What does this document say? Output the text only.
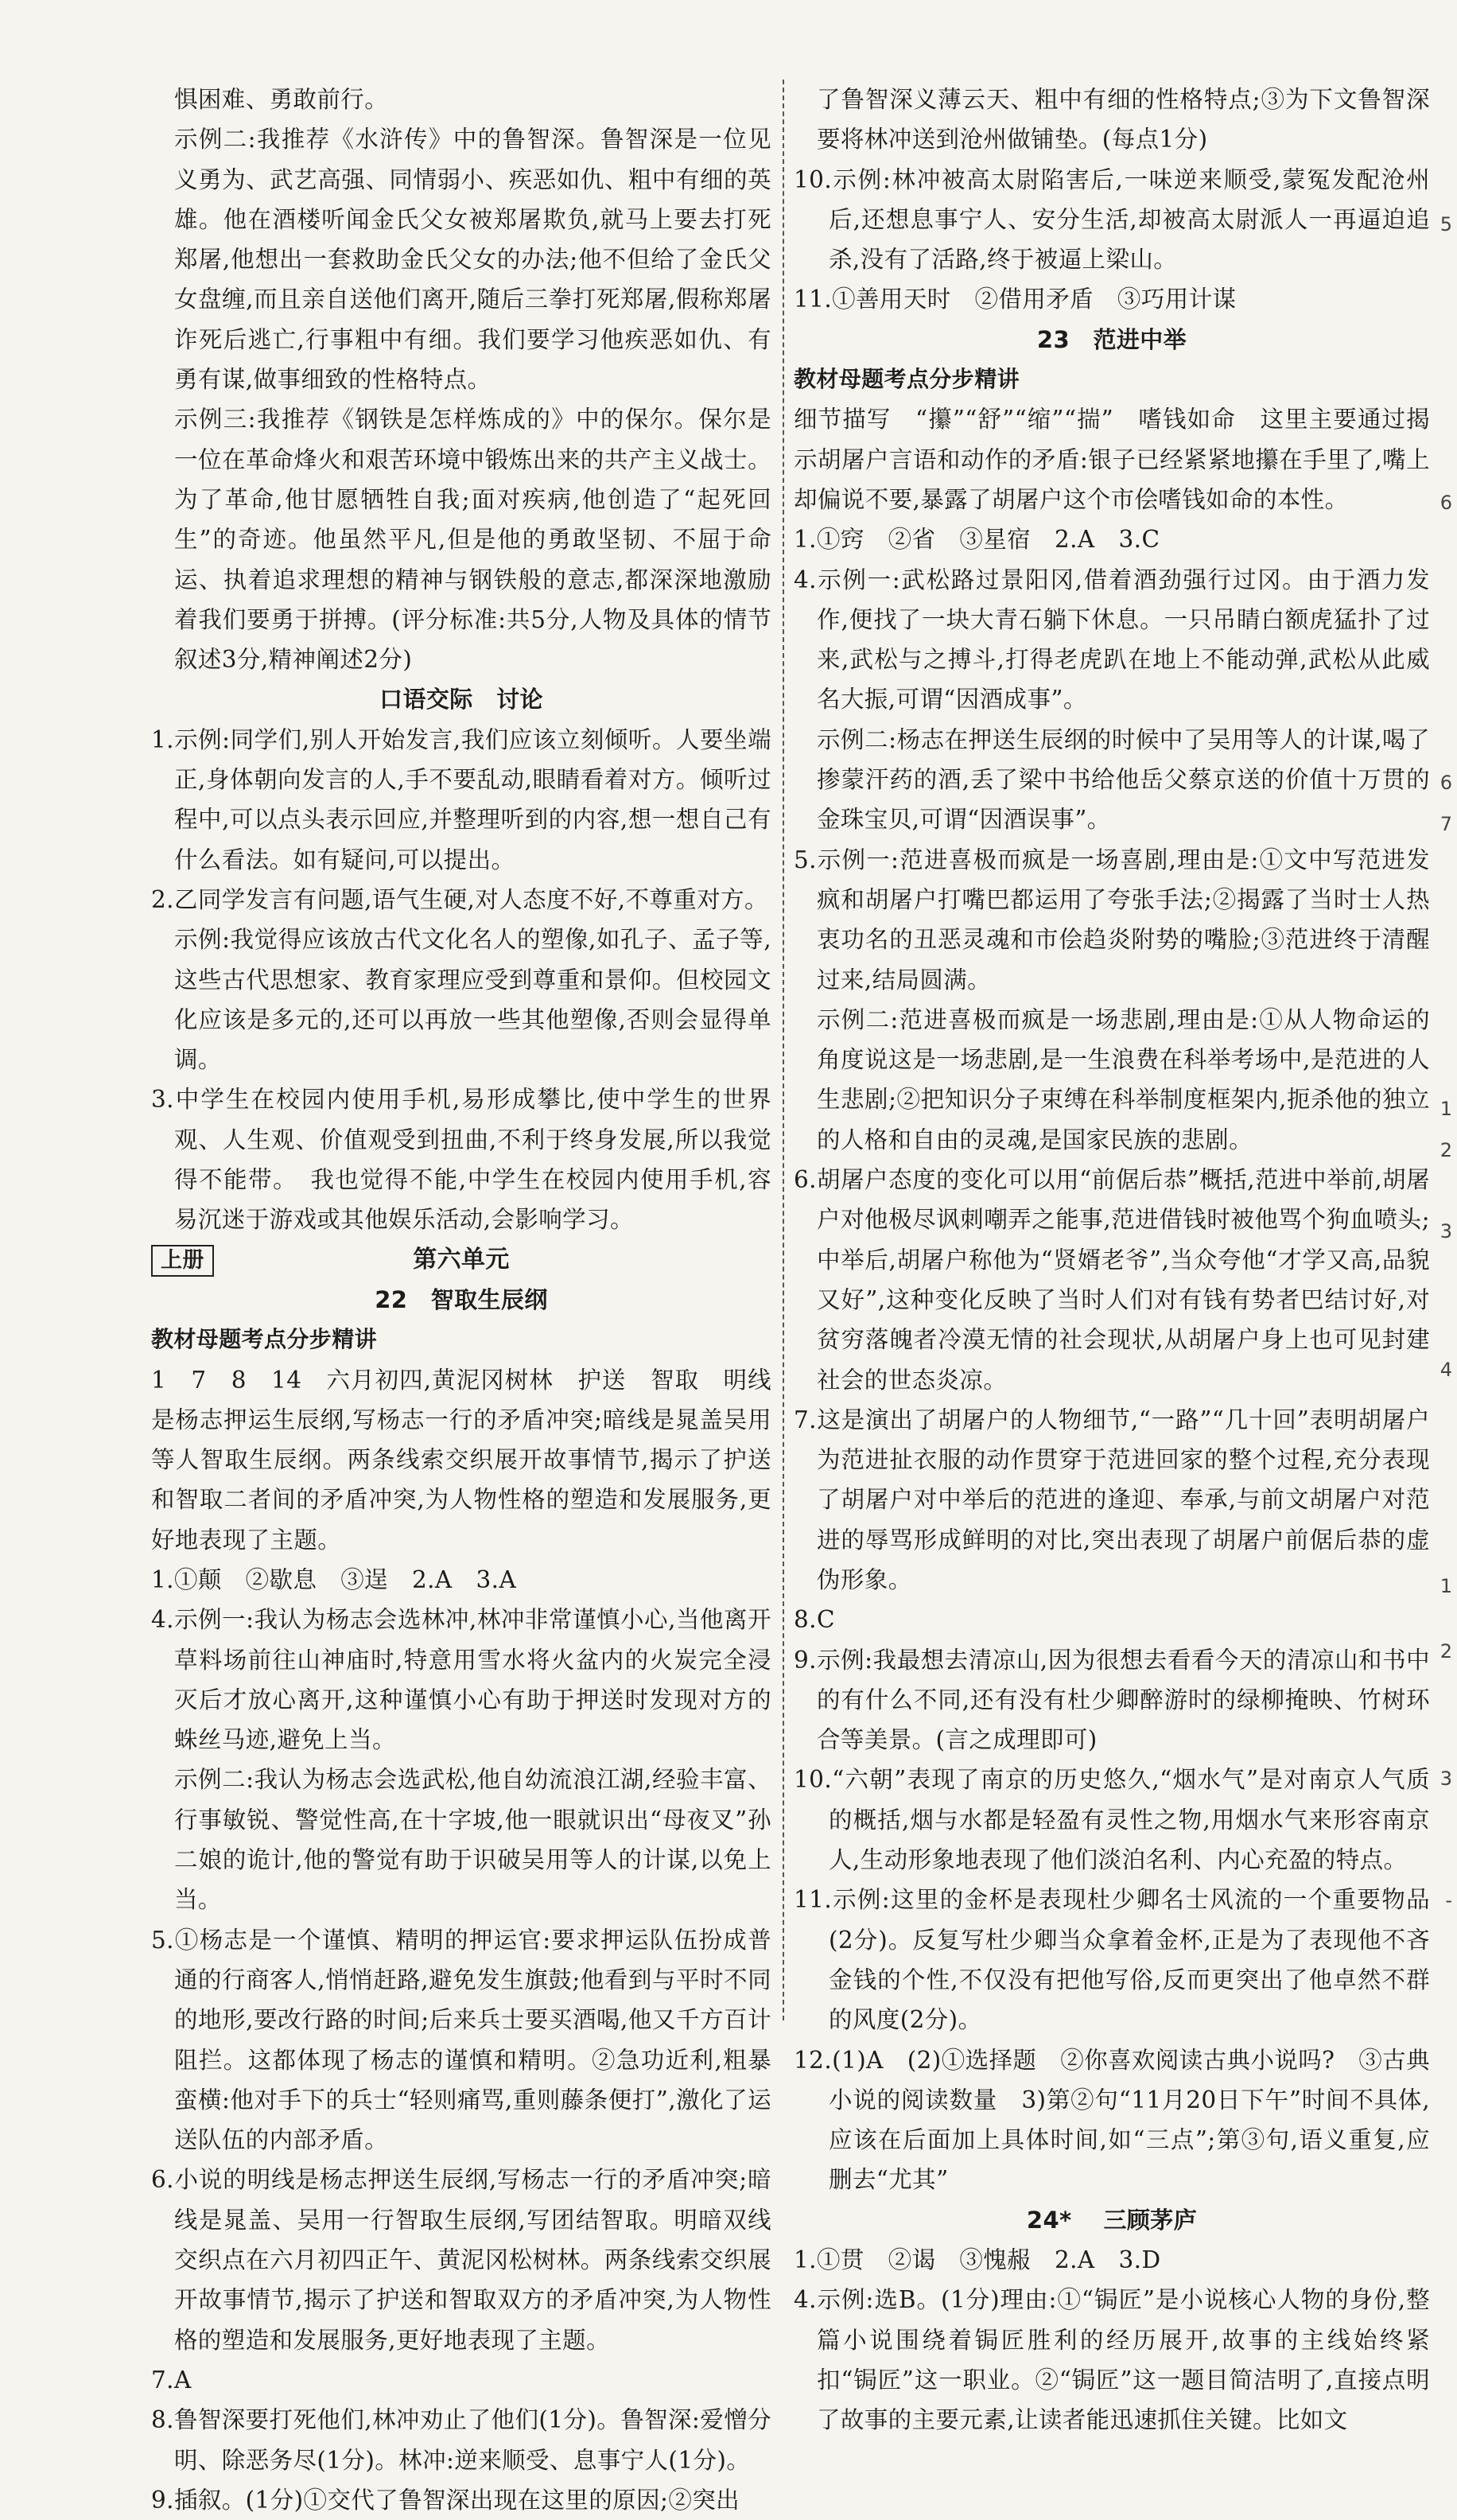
惧困难、勇敢前行。
示例二:我推荐《水浒传》中的鲁智深。鲁智深是一位见义勇为、武艺高强、同情弱小、疾恶如仇、粗中有细的英雄。他在酒楼听闻金氏父女被郑屠欺负,就马上要去打死郑屠,他想出一套救助金氏父女的办法;他不但给了金氏父女盘缠,而且亲自送他们离开,随后三拳打死郑屠,假称郑屠诈死后逃亡,行事粗中有细。我们要学习他疾恶如仇、有勇有谋,做事细致的性格特点。
示例三:我推荐《钢铁是怎样炼成的》中的保尔。保尔是一位在革命烽火和艰苦环境中锻炼出来的共产主义战士。为了革命,他甘愿牺牲自我;面对疾病,他创造了“起死回生”的奇迹。他虽然平凡,但是他的勇敢坚韧、不屈于命运、执着追求理想的精神与钢铁般的意志,都深深地激励着我们要勇于拼搏。(评分标准:共5分,人物及具体的情节叙述3分,精神阐述2分)
口语交际　讨论
1.示例:同学们,别人开始发言,我们应该立刻倾听。人要坐端正,身体朝向发言的人,手不要乱动,眼睛看着对方。倾听过程中,可以点头表示回应,并整理听到的内容,想一想自己有什么看法。如有疑问,可以提出。
2.乙同学发言有问题,语气生硬,对人态度不好,不尊重对方。
示例:我觉得应该放古代文化名人的塑像,如孔子、孟子等,这些古代思想家、教育家理应受到尊重和景仰。但校园文化应该是多元的,还可以再放一些其他塑像,否则会显得单调。
3.中学生在校园内使用手机,易形成攀比,使中学生的世界观、人生观、价值观受到扭曲,不利于终身发展,所以我觉得不能带。　我也觉得不能,中学生在校园内使用手机,容易沉迷于游戏或其他娱乐活动,会影响学习。
上册	第六单元
22　智取生辰纲
教材母题考点分步精讲
1　7　8　14　六月初四,黄泥冈树林　护送　智取　明线是杨志押运生辰纲,写杨志一行的矛盾冲突;暗线是晁盖吴用等人智取生辰纲。两条线索交织展开故事情节,揭示了护送和智取二者间的矛盾冲突,为人物性格的塑造和发展服务,更好地表现了主题。
1.①颠　②歇息　③逞　2.A　3.A
4.示例一:我认为杨志会选林冲,林冲非常谨慎小心,当他离开草料场前往山神庙时,特意用雪水将火盆内的火炭完全浸灭后才放心离开,这种谨慎小心有助于押送时发现对方的蛛丝马迹,避免上当。
示例二:我认为杨志会选武松,他自幼流浪江湖,经验丰富、行事敏锐、警觉性高,在十字坡,他一眼就识出“母夜叉”孙二娘的诡计,他的警觉有助于识破吴用等人的计谋,以免上当。
5.①杨志是一个谨慎、精明的押运官:要求押运队伍扮成普通的行商客人,悄悄赶路,避免发生旗鼓;他看到与平时不同的地形,要改行路的时间;后来兵士要买酒喝,他又千方百计阻拦。这都体现了杨志的谨慎和精明。②急功近利,粗暴蛮横:他对手下的兵士“轻则痛骂,重则藤条便打”,激化了运送队伍的内部矛盾。
6.小说的明线是杨志押送生辰纲,写杨志一行的矛盾冲突;暗线是晁盖、吴用一行智取生辰纲,写团结智取。明暗双线交织点在六月初四正午、黄泥冈松树林。两条线索交织展开故事情节,揭示了护送和智取双方的矛盾冲突,为人物性格的塑造和发展服务,更好地表现了主题。
7.A
8.鲁智深要打死他们,林冲劝止了他们(1分)。鲁智深:爱憎分明、除恶务尽(1分)。林冲:逆来顺受、息事宁人(1分)。
9.插叙。(1分)①交代了鲁智深出现在这里的原因;②突出
了鲁智深义薄云天、粗中有细的性格特点;③为下文鲁智深要将林冲送到沧州做铺垫。(每点1分)
10.示例:林冲被高太尉陷害后,一味逆来顺受,蒙冤发配沧州后,还想息事宁人、安分生活,却被高太尉派人一再逼迫追杀,没有了活路,终于被逼上梁山。
11.①善用天时　②借用矛盾　③巧用计谋
23　范进中举
教材母题考点分步精讲
细节描写　“攥”“舒”“缩”“揣”　嗜钱如命　这里主要通过揭示胡屠户言语和动作的矛盾:银子已经紧紧地攥在手里了,嘴上却偏说不要,暴露了胡屠户这个市侩嗜钱如命的本性。
1.①窍　②省　③星宿　2.A　3.C
4.示例一:武松路过景阳冈,借着酒劲强行过冈。由于酒力发作,便找了一块大青石躺下休息。一只吊睛白额虎猛扑了过来,武松与之搏斗,打得老虎趴在地上不能动弹,武松从此威名大振,可谓“因酒成事”。
示例二:杨志在押送生辰纲的时候中了吴用等人的计谋,喝了掺蒙汗药的酒,丢了梁中书给他岳父蔡京送的价值十万贯的金珠宝贝,可谓“因酒误事”。
5.示例一:范进喜极而疯是一场喜剧,理由是:①文中写范进发疯和胡屠户打嘴巴都运用了夸张手法;②揭露了当时士人热衷功名的丑恶灵魂和市侩趋炎附势的嘴脸;③范进终于清醒过来,结局圆满。
示例二:范进喜极而疯是一场悲剧,理由是:①从人物命运的角度说这是一场悲剧,是一生浪费在科举考场中,是范进的人生悲剧;②把知识分子束缚在科举制度框架内,扼杀他的独立的人格和自由的灵魂,是国家民族的悲剧。
6.胡屠户态度的变化可以用“前倨后恭”概括,范进中举前,胡屠户对他极尽讽刺嘲弄之能事,范进借钱时被他骂个狗血喷头;中举后,胡屠户称他为“贤婿老爷”,当众夸他“才学又高,品貌又好”,这种变化反映了当时人们对有钱有势者巴结讨好,对贫穷落魄者冷漠无情的社会现状,从胡屠户身上也可见封建社会的世态炎凉。
7.这是演出了胡屠户的人物细节,“一路”“几十回”表明胡屠户为范进扯衣服的动作贯穿于范进回家的整个过程,充分表现了胡屠户对中举后的范进的逢迎、奉承,与前文胡屠户对范进的辱骂形成鲜明的对比,突出表现了胡屠户前倨后恭的虚伪形象。
8.C
9.示例:我最想去清凉山,因为很想去看看今天的清凉山和书中的有什么不同,还有没有杜少卿醉游时的绿柳掩映、竹树环合等美景。(言之成理即可)
10.“六朝”表现了南京的历史悠久,“烟水气”是对南京人气质的概括,烟与水都是轻盈有灵性之物,用烟水气来形容南京人,生动形象地表现了他们淡泊名利、内心充盈的特点。
11.示例:这里的金杯是表现杜少卿名士风流的一个重要物品(2分)。反复写杜少卿当众拿着金杯,正是为了表现他不吝金钱的个性,不仅没有把他写俗,反而更突出了他卓然不群的风度(2分)。
12.(1)A　(2)①选择题　②你喜欢阅读古典小说吗?　③古典小说的阅读数量　3)第②句“11月20日下午”时间不具体,应该在后面加上具体时间,如“三点”;第③句,语义重复,应删去“尤其”
24* 　三顾茅庐
1.①贯　②谒　③愧赧　2.A　3.D
4.示例:选B。(1分)理由:①“锔匠”是小说核心人物的身份,整篇小说围绕着锔匠胜利的经历展开,故事的主线始终紧扣“锔匠”这一职业。②“锔匠”这一题目简洁明了,直接点明了故事的主要元素,让读者能迅速抓住关键。比如文
5
6
6
7
1
2
3
4
1
2
3
-
